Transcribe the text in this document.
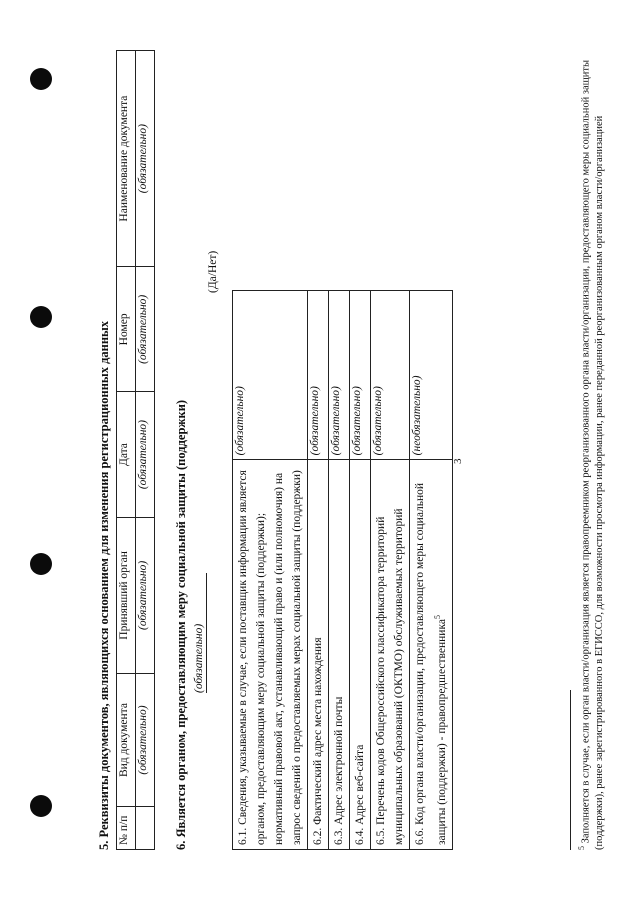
3
5. Реквизиты документов, являющихся основанием для изменения регистрационных данных № п/п	Вид документа	Принявший орган	Дата	Номер	Наименование документа
	(обязательно)	(обязательно)	(обязательно)	(обязательно)	(обязательно)
6. Является органом, предоставляющим меру социальной защиты (поддержки) (обязательно)
(Да/Нет)
6.1. Сведения, указываемые в случае, если поставщик информации является органом, предоставляющим меру социальной защиты (поддержки); нормативный правовой акт, устанавливающий право и (или полномочия) на запрос сведений о предоставляемых мерах социальной защиты (поддержки)	(обязательно)
6.2. Фактический адрес места нахождения	(обязательно)
6.3. Адрес электронной почты	(обязательно)
6.4. Адрес веб-сайта	(обязательно)
6.5. Перечень кодов Общероссийского классификатора территорий муниципальных образований (ОКТМО) обслуживаемых территорий	(обязательно)
6.6. Код органа власти/организации, предоставляющего меры социальной защиты (поддержки) - правопредшественника$^5$	(необязательно)
$^5$ Заполняется в случае, если орган власти/организация является правопреемником реорганизованного органа власти/организации, предоставляющего меры социальной защиты (поддержки), ранее зарегистрированного в ЕГИССО, для возможности просмотра информации, ранее переданной реорганизованным органом власти/организацией
